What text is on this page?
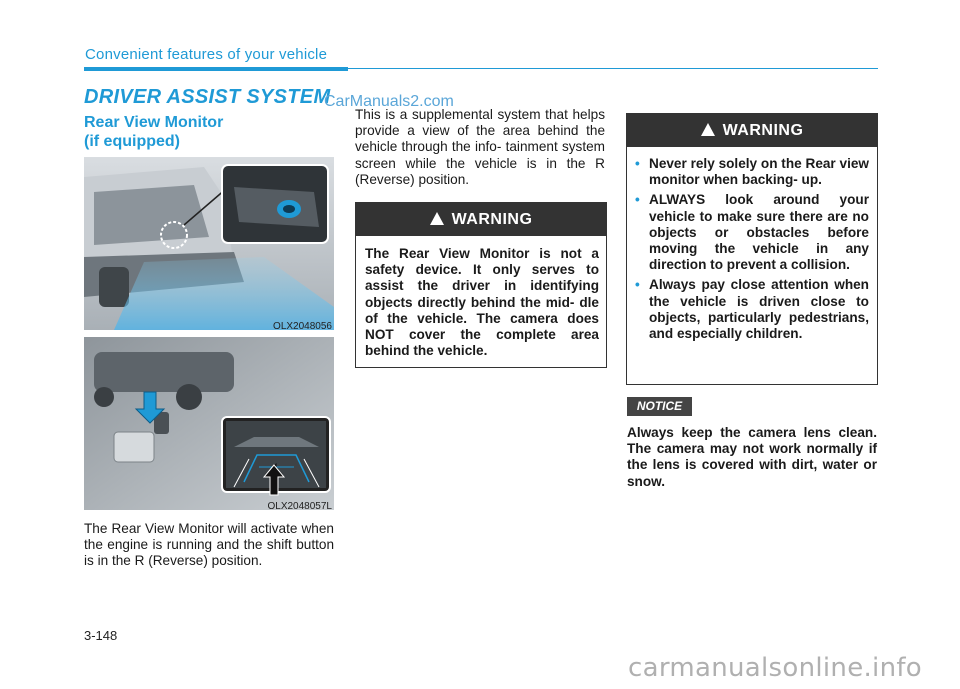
Convenient features of your vehicle
DRIVER ASSIST SYSTEM
CarManuals2.com
Rear View Monitor
(if equipped)
OLX2048056
OLX2048057L
The Rear View Monitor will activate when the engine is running and the shift button is in the R (Reverse) position.
This is a supplemental system that helps provide a view of the area behind the vehicle through the info- tainment system screen while the vehicle is in the R (Reverse) position.
!WARNING
The Rear View Monitor is not a safety device. It only serves to assist the driver in identifying objects directly behind the mid- dle of the vehicle. The camera does NOT cover the complete area behind the vehicle.
!WARNING
• Never rely solely on the Rear view monitor when backing- up.
• ALWAYS look around your vehicle to make sure there are no objects or obstacles before moving the vehicle in any direction to prevent a collision.
• Always pay close attention when the vehicle is driven close to objects, particularly pedestrians, and especially children.
NOTICE
Always keep the camera lens clean. The camera may not work normally if the lens is covered with dirt, water or snow.
3-148
carmanualsonline.info
